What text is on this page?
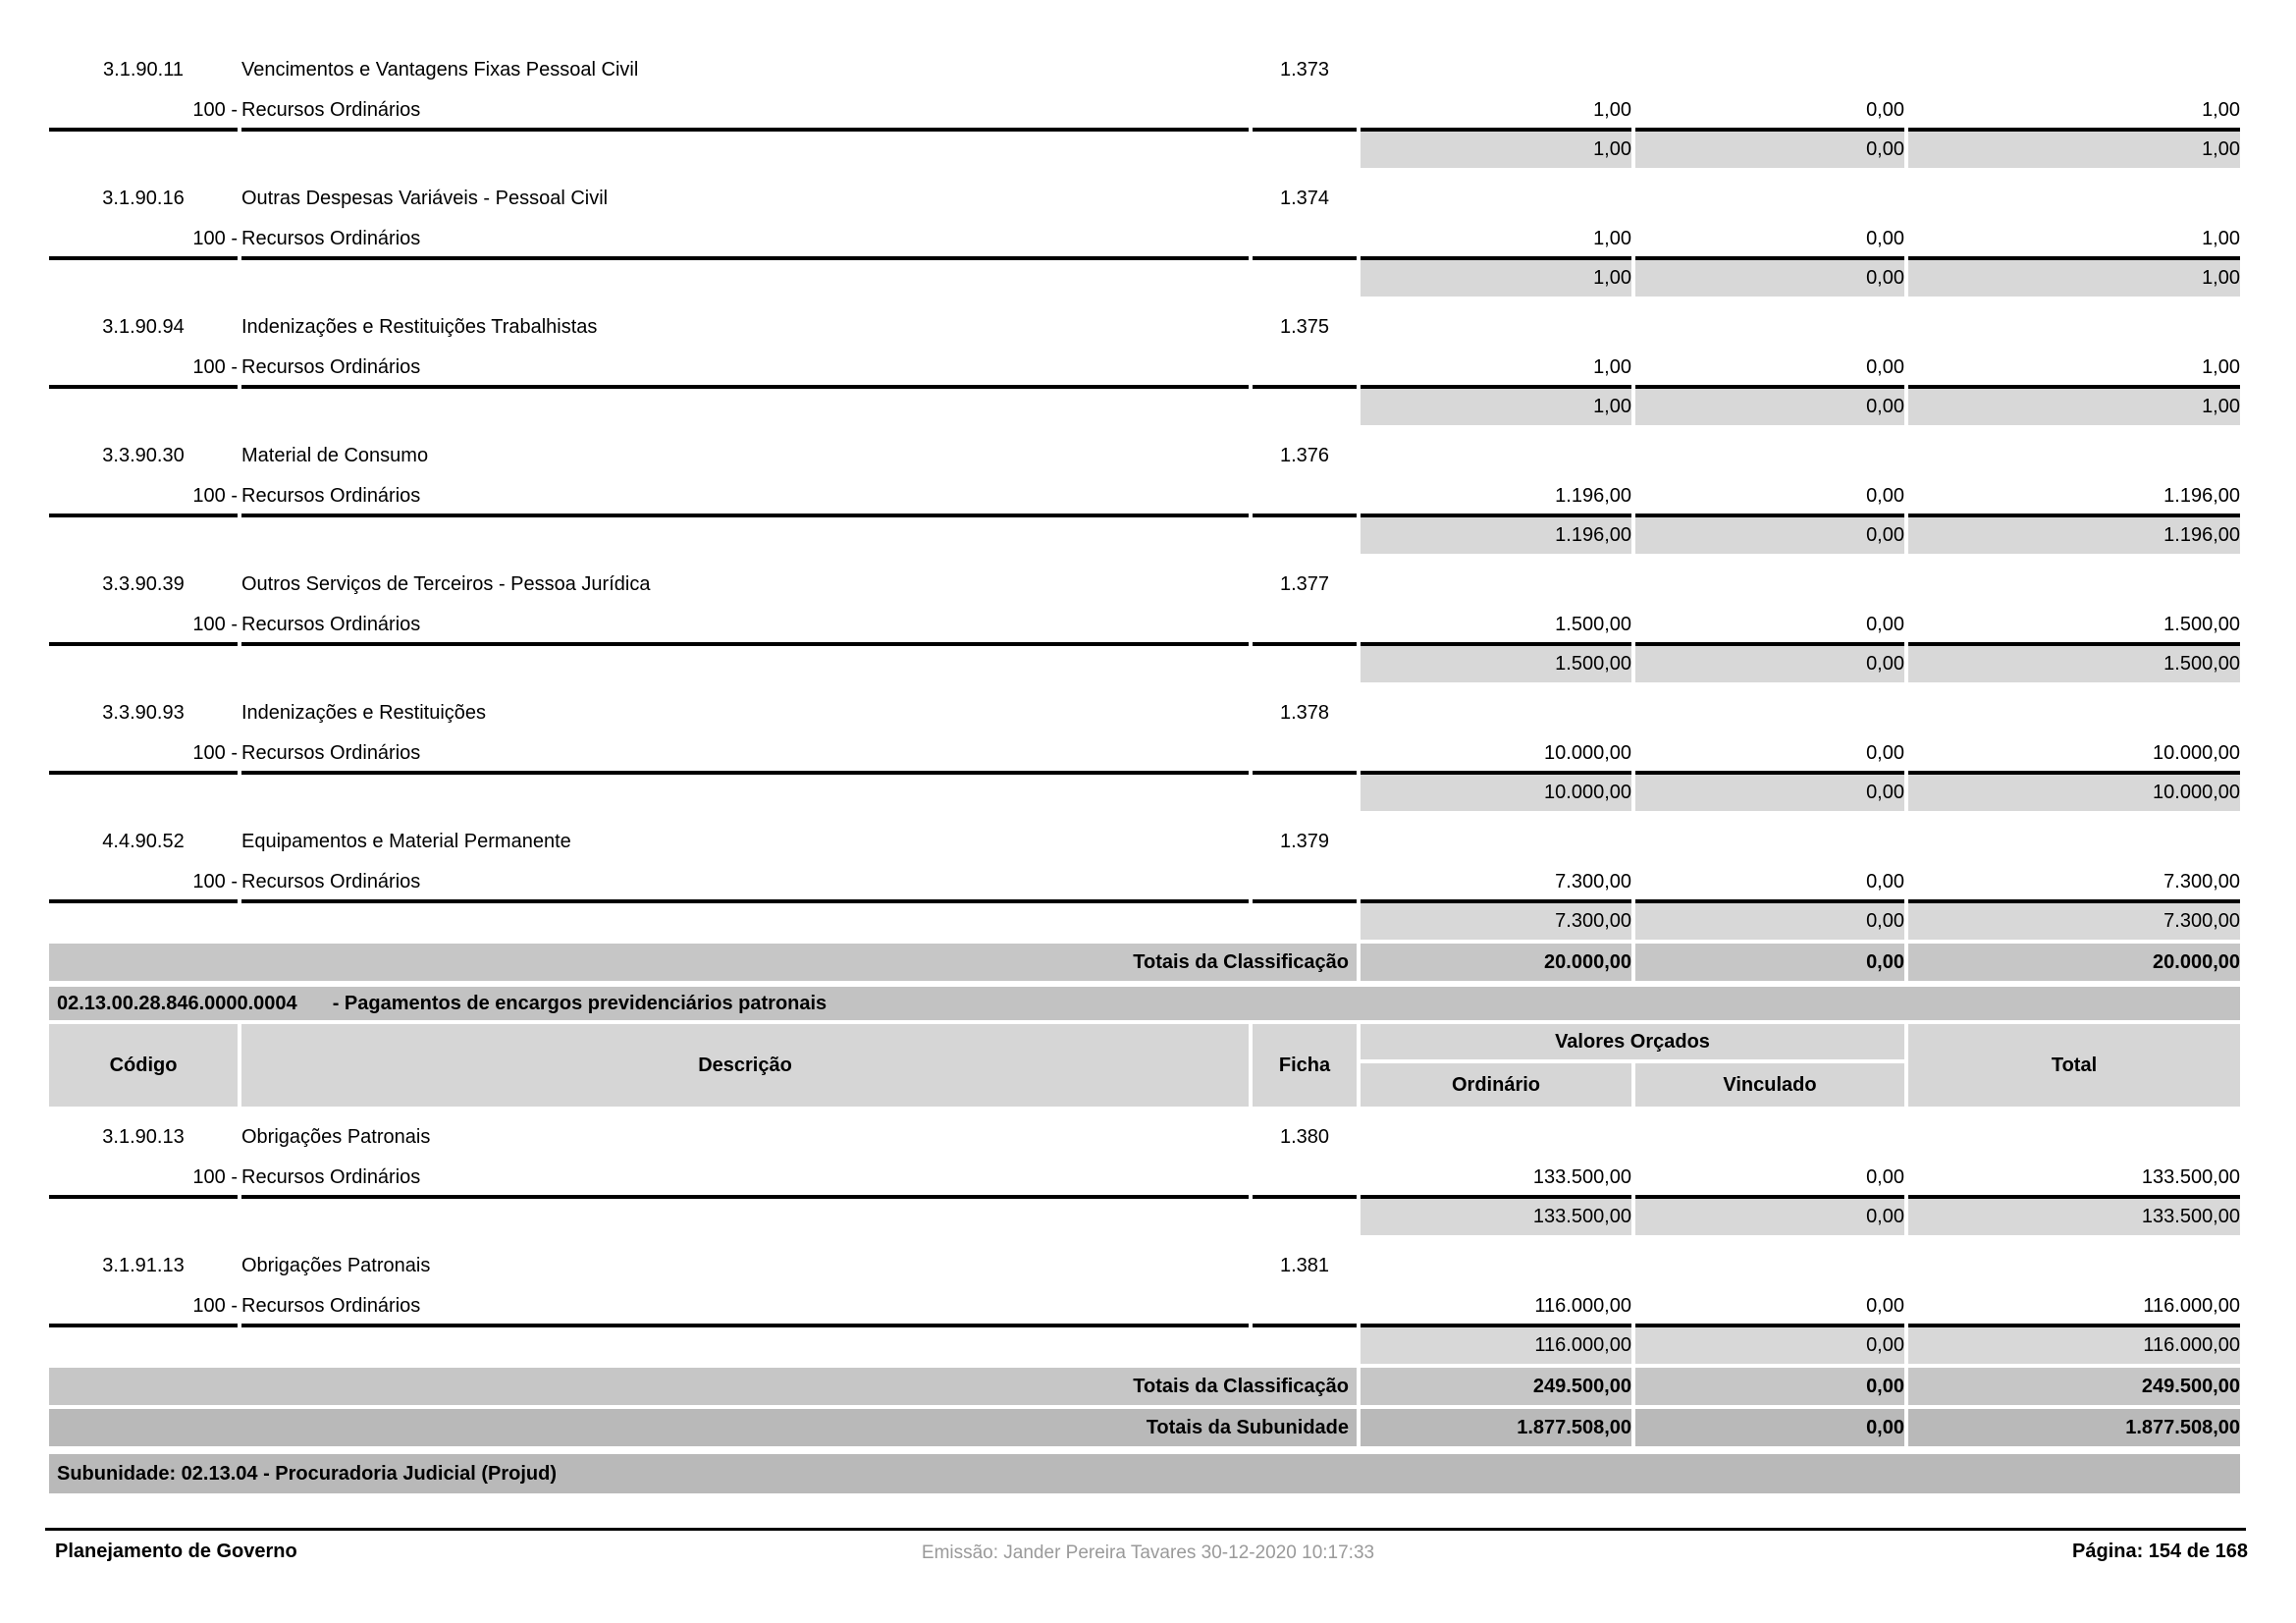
3.1.90.11	Vencimentos e Vantagens Fixas Pessoal Civil	1.373			
100 -	Recursos Ordinários		1,00	0,00	1,00
			1,00	0,00	1,00

3.1.90.16	Outras Despesas Variáveis - Pessoal Civil	1.374			
100 -	Recursos Ordinários		1,00	0,00	1,00
			1,00	0,00	1,00

3.1.90.94	Indenizações e Restituições Trabalhistas	1.375			
100 -	Recursos Ordinários		1,00	0,00	1,00
			1,00	0,00	1,00

3.3.90.30	Material de Consumo	1.376			
100 -	Recursos Ordinários		1.196,00	0,00	1.196,00
			1.196,00	0,00	1.196,00

3.3.90.39	Outros Serviços de Terceiros - Pessoa Jurídica	1.377			
100 -	Recursos Ordinários		1.500,00	0,00	1.500,00
			1.500,00	0,00	1.500,00

3.3.90.93	Indenizações e Restituições	1.378			
100 -	Recursos Ordinários		10.000,00	0,00	10.000,00
			10.000,00	0,00	10.000,00

4.4.90.52	Equipamentos e Material Permanente	1.379			
100 -	Recursos Ordinários		7.300,00	0,00	7.300,00
			7.300,00	0,00	7.300,00

Totais da Classificação			20.000,00	0,00	20.000,00

02.13.00.28.846.0000.0004 - Pagamentos de encargos previdenciários patronais					

Código	Descrição	Ficha	Valores Orçados		Total
			Ordinário	Vinculado	

3.1.90.13	Obrigações Patronais	1.380			
100 -	Recursos Ordinários		133.500,00	0,00	133.500,00
			133.500,00	0,00	133.500,00

3.1.91.13	Obrigações Patronais	1.381			
100 -	Recursos Ordinários		116.000,00	0,00	116.000,00
			116.000,00	0,00	116.000,00

Totais da Classificação			249.500,00	0,00	249.500,00

Totais da Subunidade			1.877.508,00	0,00	1.877.508,00

Subunidade: 02.13.04 - Procuradoria Judicial (Projud)					
Planejamento de Governo	Emissão: Jander Pereira Tavares 30-12-2020 10:17:33	Página: 154 de 168
